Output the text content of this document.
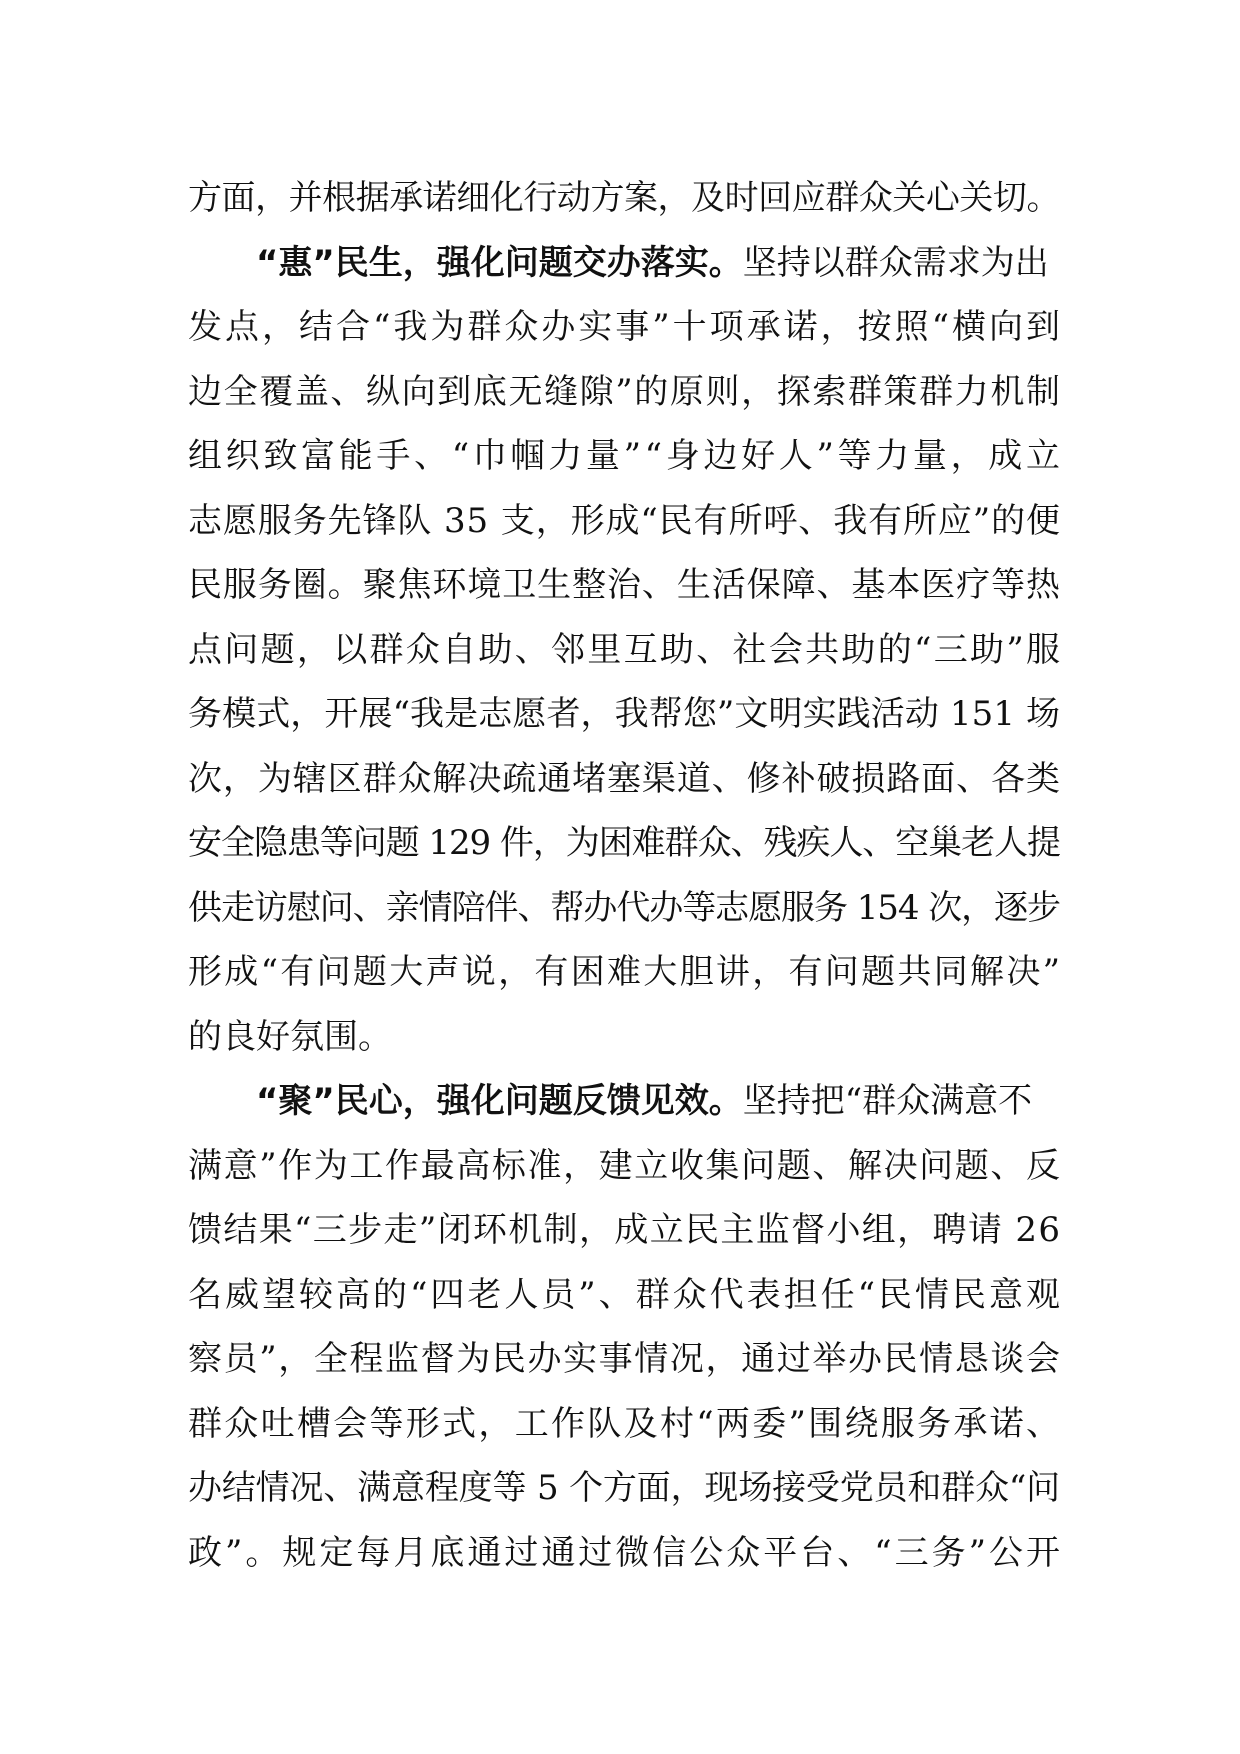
方面，并根据承诺细化行动方案，及时回应群众关心关切。
“惠”民生，强化问题交办落实。 坚持以群众需求为出
发点，结合“我为群众办实事”十项承诺，按照“横向到
边全覆盖、纵向到底无缝隙”的原则，探索群策群力机制
组织致富能手、“巾帼力量”“身边好人”等力量，成立
志愿服务先锋队 35 支，形成“民有所呼、我有所应”的便
民服务圈。聚焦环境卫生整治、生活保障、基本医疗等热
点问题，以群众自助、邻里互助、社会共助的“三助”服
务模式，开展“我是志愿者，我帮您”文明实践活动 151 场
次，为辖区群众解决疏通堵塞渠道、修补破损路面、各类
安全隐患等问题 129 件，为困难群众、残疾人、空巢老人提
供走访慰问、亲情陪伴、帮办代办等志愿服务 154 次，逐步
形成“有问题大声说，有困难大胆讲，有问题共同解决”
的良好氛围。
“聚”民心，强化问题反馈见效。 坚持把“群众满意不
满意”作为工作最高标准，建立收集问题、解决问题、反
馈结果“三步走”闭环机制，成立民主监督小组，聘请 26
名威望较高的“四老人员”、群众代表担任“民情民意观
察员”，全程监督为民办实事情况，通过举办民情恳谈会
群众吐槽会等形式，工作队及村“两委”围绕服务承诺、
办结情况、满意程度等 5 个方面，现场接受党员和群众“问
政”。规定每月底通过通过微信公众平台、“三务”公开
